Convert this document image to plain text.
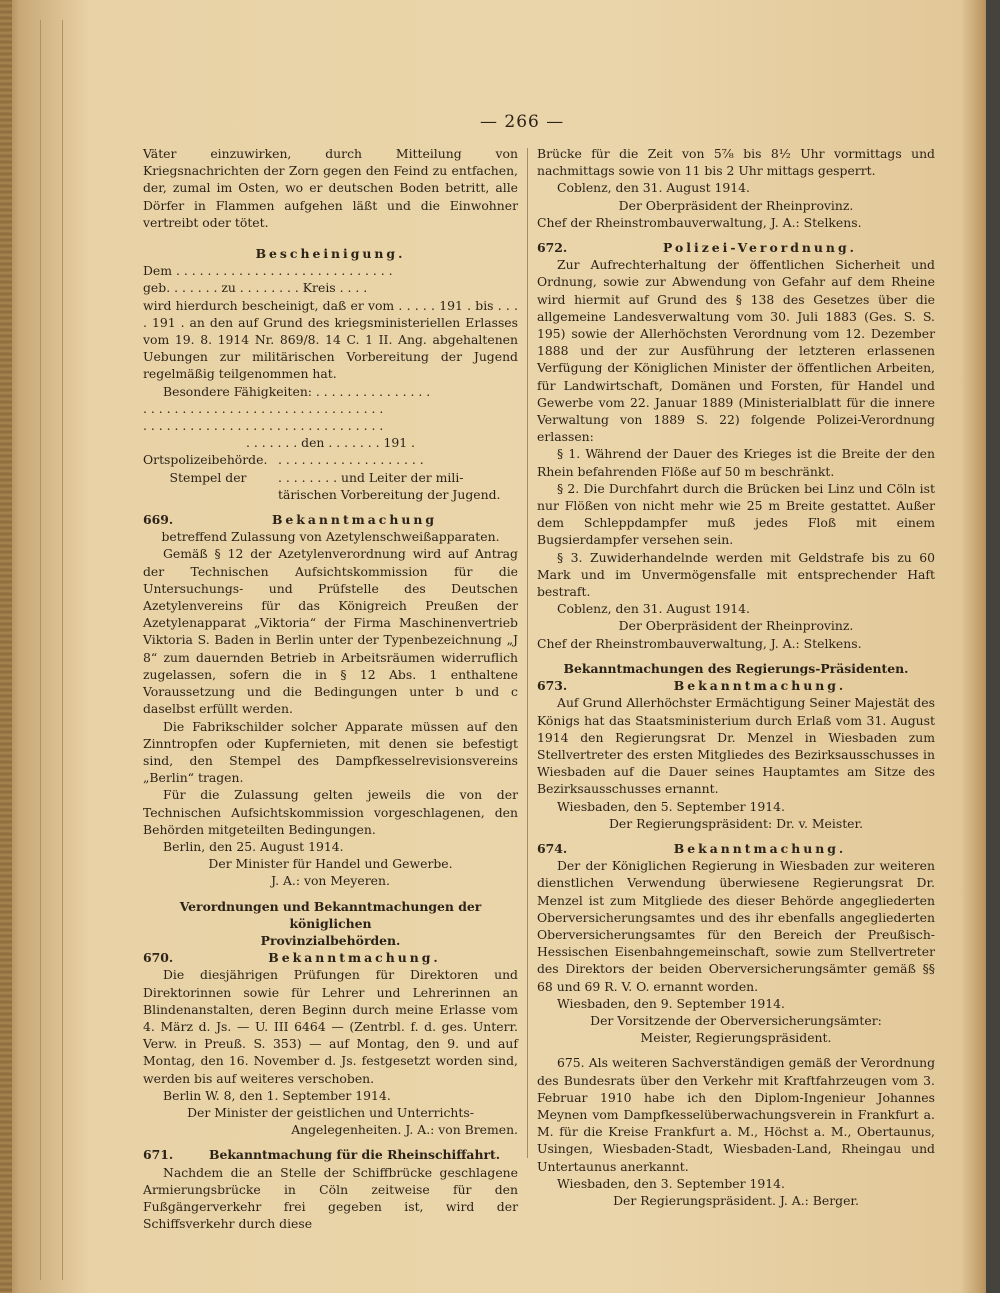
— 266 —

Väter einzuwirken, durch Mitteilung von Kriegsnachrichten der Zorn gegen den Feind zu entfachen, der, zumal im Osten, wo er deutschen Boden betritt, alle Dörfer in Flammen aufgehen läßt und die Einwohner vertreibt oder tötet.

Bescheinigung.

Dem . . . . . . . . . . . . . . . . . . . . . . . . . . . .

geb. . . . . . . zu . . . . . . . . Kreis . . . .

wird hierdurch bescheinigt, daß er vom . . . . . 191 . bis . . . . 191 . an den auf Grund des kriegsministeriellen Erlasses vom 19. 8. 1914 Nr. 869/8. 14 C. 1 II. Ang. abgehaltenen Uebungen zur militärischen Vorbereitung der Jugend regelmäßig teilgenommen hat.

Besondere Fähigkeiten: . . . . . . . . . . . . . . .

. . . . . . . . . . . . . . . . . . . . . . . . . . . . . . .

. . . . . . . . . . . . . . . . . . . . . . . . . . . . . . .

. . . . . . . den . . . . . . . 191 .

Ortspolizeibehörde.

Stempel der

. . . . . . . . . . . . . . . . . . .

. . . . . . . . und Leiter der mili-

tärischen Vorbereitung der Jugend.

669.	Bekanntmachung

betreffend Zulassung von Azetylenschweißapparaten.

Gemäß § 12 der Azetylenverordnung wird auf Antrag der Technischen Aufsichtskommission für die Untersuchungs- und Prüfstelle des Deutschen Azetylenvereins für das Königreich Preußen der Azetylenapparat „Viktoria“ der Firma Maschinenvertrieb Viktoria S. Baden in Berlin unter der Typenbezeichnung „J 8“ zum dauernden Betrieb in Arbeitsräumen widerruflich zugelassen, sofern die in § 12 Abs. 1 enthaltene Voraussetzung und die Bedingungen unter b und c daselbst erfüllt werden.

Die Fabrikschilder solcher Apparate müssen auf den Zinntropfen oder Kupfernieten, mit denen sie befestigt sind, den Stempel des Dampfkesselrevisionsvereins „Berlin“ tragen.

Für die Zulassung gelten jeweils die von der Technischen Aufsichtskommission vorgeschlagenen, den Behörden mitgeteilten Bedingungen.

Berlin, den 25. August 1914.

Der Minister für Handel und Gewerbe.

J. A.: von Meyeren.

Verordnungen und Bekanntmachungen der königlichen

Provinzialbehörden.

670.	Bekanntmachung.

Die diesjährigen Prüfungen für Direktoren und Direktorinnen sowie für Lehrer und Lehrerinnen an Blindenanstalten, deren Beginn durch meine Erlasse vom 4. März d. Js. — U. III 6464 — (Zentrbl. f. d. ges. Unterr. Verw. in Preuß. S. 353) — auf Montag, den 9. und auf Montag, den 16. November d. Js. festgesetzt worden sind, werden bis auf weiteres verschoben.

Berlin W. 8, den 1. September 1914.

Der Minister der geistlichen und Unterrichts-

Angelegenheiten. J. A.: von Bremen.

671.	Bekanntmachung für die Rheinschiffahrt.

Nachdem die an Stelle der Schiffbrücke geschlagene Armierungsbrücke in Cöln zeitweise für den Fußgängerverkehr frei gegeben ist, wird der Schiffsverkehr durch diese

Brücke für die Zeit von 5⅞ bis 8½ Uhr vormittags und nachmittags sowie von 11 bis 2 Uhr mittags gesperrt.

Coblenz, den 31. August 1914.

Der Oberpräsident der Rheinprovinz.

Chef der Rheinstrombauverwaltung, J. A.: Stelkens.

672.	Polizei-Verordnung.

Zur Aufrechterhaltung der öffentlichen Sicherheit und Ordnung, sowie zur Abwendung von Gefahr auf dem Rheine wird hiermit auf Grund des § 138 des Gesetzes über die allgemeine Landesverwaltung vom 30. Juli 1883 (Ges. S. S. 195) sowie der Allerhöchsten Verordnung vom 12. Dezember 1888 und der zur Ausführung der letzteren erlassenen Verfügung der Königlichen Minister der öffentlichen Arbeiten, für Landwirtschaft, Domänen und Forsten, für Handel und Gewerbe vom 22. Januar 1889 (Ministerialblatt für die innere Verwaltung von 1889 S. 22) folgende Polizei-Verordnung erlassen:

§ 1. Während der Dauer des Krieges ist die Breite der den Rhein befahrenden Flöße auf 50 m beschränkt.

§ 2. Die Durchfahrt durch die Brücken bei Linz und Cöln ist nur Flößen von nicht mehr wie 25 m Breite gestattet. Außer dem Schleppdampfer muß jedes Floß mit einem Bugsierdampfer versehen sein.

§ 3. Zuwiderhandelnde werden mit Geldstrafe bis zu 60 Mark und im Unvermögensfalle mit entsprechender Haft bestraft.

Coblenz, den 31. August 1914.

Der Oberpräsident der Rheinprovinz.

Chef der Rheinstrombauverwaltung, J. A.: Stelkens.

Bekanntmachungen des Regierungs-Präsidenten.

673.	Bekanntmachung.

Auf Grund Allerhöchster Ermächtigung Seiner Majestät des Königs hat das Staatsministerium durch Erlaß vom 31. August 1914 den Regierungsrat Dr. Menzel in Wiesbaden zum Stellvertreter des ersten Mitgliedes des Bezirksausschusses in Wiesbaden auf die Dauer seines Hauptamtes am Sitze des Bezirksausschusses ernannt.

Wiesbaden, den 5. September 1914.

Der Regierungspräsident: Dr. v. Meister.

674.	Bekanntmachung.

Der der Königlichen Regierung in Wiesbaden zur weiteren dienstlichen Verwendung überwiesene Regierungsrat Dr. Menzel ist zum Mitgliede des dieser Behörde angegliederten Oberversicherungsamtes und des ihr ebenfalls angegliederten Oberversicherungsamtes für den Bereich der Preußisch-Hessischen Eisenbahngemeinschaft, sowie zum Stellvertreter des Direktors der beiden Oberversicherungsämter gemäß §§ 68 und 69 R. V. O. ernannt worden.

Wiesbaden, den 9. September 1914.

Der Vorsitzende der Oberversicherungsämter:

Meister, Regierungspräsident.

675. Als weiteren Sachverständigen gemäß der Verordnung des Bundesrats über den Verkehr mit Kraftfahrzeugen vom 3. Februar 1910 habe ich den Diplom-Ingenieur Johannes Meynen vom Dampfkesselüberwachungsverein in Frankfurt a. M. für die Kreise Frankfurt a. M., Höchst a. M., Obertaunus, Usingen, Wiesbaden-Stadt, Wiesbaden-Land, Rheingau und Untertaunus anerkannt.

Wiesbaden, den 3. September 1914.

Der Regierungspräsident. J. A.: Berger.
